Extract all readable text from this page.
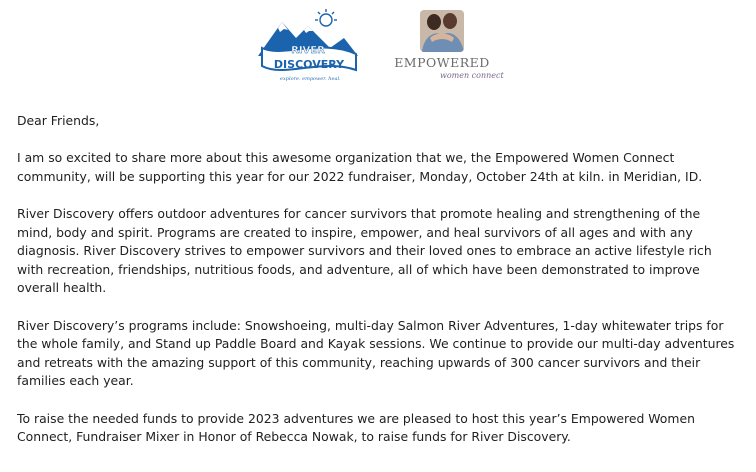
RIVER
DISCOVERY
explore. empower. heal.
EMPOWERED
women connect

Dear Friends,

I am so excited to share more about this awesome organization that we, the Empowered Women Connect community, will be supporting this year for our 2022 fundraiser, Monday, October 24th at kiln. in Meridian, ID.

River Discovery offers outdoor adventures for cancer survivors that promote healing and strengthening of the mind, body and spirit. Programs are created to inspire, empower, and heal survivors of all ages and with any diagnosis. River Discovery strives to empower survivors and their loved ones to embrace an active lifestyle rich with recreation, friendships, nutritious foods, and adventure, all of which have been demonstrated to improve overall health.

River Discovery’s programs include: Snowshoeing, multi-day Salmon River Adventures, 1-day whitewater trips for the whole family, and Stand up Paddle Board and Kayak sessions. We continue to provide our multi-day adventures and retreats with the amazing support of this community, reaching upwards of 300 cancer survivors and their families each year.

To raise the needed funds to provide 2023 adventures we are pleased to host this year’s Empowered Women Connect, Fundraiser Mixer in Honor of Rebecca Nowak, to raise funds for River Discovery.
